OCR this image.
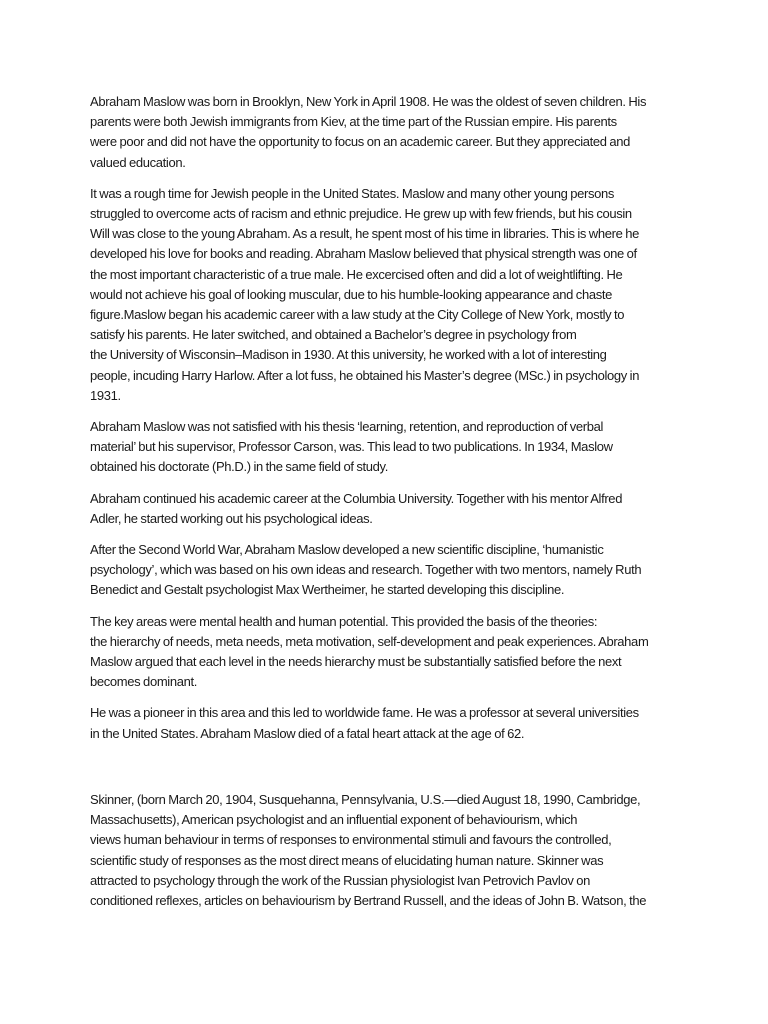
Abraham Maslow was born in Brooklyn, New York in April 1908. He was the oldest of seven children. His
parents were both Jewish immigrants from Kiev, at the time part of the Russian empire. His parents
were poor and did not have the opportunity to focus on an academic career. But they appreciated and
valued education.

It was a rough time for Jewish people in the United States. Maslow and many other young persons
struggled to overcome acts of racism and ethnic prejudice. He grew up with few friends, but his cousin
Will was close to the young Abraham. As a result, he spent most of his time in libraries. This is where he
developed his love for books and reading. Abraham Maslow believed that physical strength was one of
the most important characteristic of a true male. He excercised often and did a lot of weightlifting. He
would not achieve his goal of looking muscular, due to his humble-looking appearance and chaste
figure.Maslow began his academic career with a law study at the City College of New York, mostly to
satisfy his parents. He later switched, and obtained a Bachelor’s degree in psychology from
the University of Wisconsin–Madison in 1930. At this university, he worked with a lot of interesting
people, incuding Harry Harlow. After a lot fuss, he obtained his Master’s degree (MSc.) in psychology in
1931.

Abraham Maslow was not satisfied with his thesis ‘learning, retention, and reproduction of verbal
material’ but his supervisor, Professor Carson, was. This lead to two publications. In 1934, Maslow
obtained his doctorate (Ph.D.) in the same field of study.

Abraham continued his academic career at the Columbia University. Together with his mentor Alfred
Adler, he started working out his psychological ideas.

After the Second World War, Abraham Maslow developed a new scientific discipline, ‘humanistic
psychology’, which was based on his own ideas and research. Together with two mentors, namely Ruth
Benedict and Gestalt psychologist Max Wertheimer, he started developing this discipline.

The key areas were mental health and human potential. This provided the basis of the theories:
the hierarchy of needs, meta needs, meta motivation, self-development and peak experiences. Abraham
Maslow argued that each level in the needs hierarchy must be substantially satisfied before the next
becomes dominant.

He was a pioneer in this area and this led to worldwide fame. He was a professor at several universities
in the United States. Abraham Maslow died of a fatal heart attack at the age of 62.

Skinner, (born March 20, 1904, Susquehanna, Pennsylvania, U.S.—died August 18, 1990, Cambridge,
Massachusetts), American psychologist and an influential exponent of behaviourism, which
views human behaviour in terms of responses to environmental stimuli and favours the controlled,
scientific study of responses as the most direct means of elucidating human nature. Skinner was
attracted to psychology through the work of the Russian physiologist Ivan Petrovich Pavlov on
conditioned reflexes, articles on behaviourism by Bertrand Russell, and the ideas of John B. Watson, the
